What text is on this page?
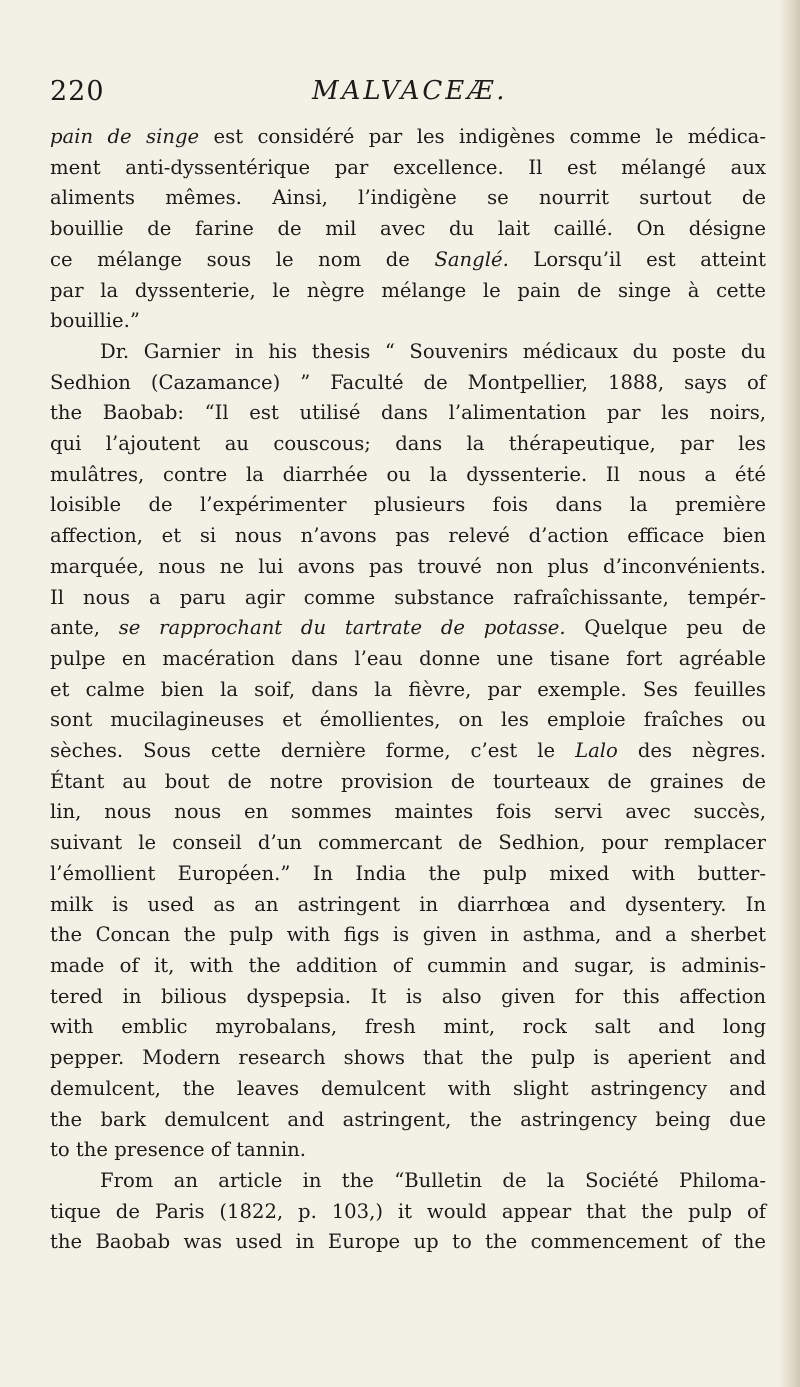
220	MALVACEÆ.
pain de singe est considéré par les indigènes comme le médica-
ment anti-dyssentérique par excellence. Il est mélangé aux
aliments mêmes. Ainsi, l’indigène se nourrit surtout de
bouillie de farine de mil avec du lait caillé. On désigne
ce mélange sous le nom de Sanglé. Lorsqu’il est atteint
par la dyssenterie, le nègre mélange le pain de singe à cette
bouillie.”
Dr. Garnier in his thesis “ Souvenirs médicaux du poste du
Sedhion (Cazamance) ” Faculté de Montpellier, 1888, says of
the Baobab: “Il est utilisé dans l’alimentation par les noirs,
qui l’ajoutent au couscous; dans la thérapeutique, par les
mulâtres, contre la diarrhée ou la dyssenterie. Il nous a été
loisible de l’expérimenter plusieurs fois dans la première
affection, et si nous n’avons pas relevé d’action efficace bien
marquée, nous ne lui avons pas trouvé non plus d’inconvénients.
Il nous a paru agir comme substance rafraîchissante, tempér-
ante, se rapprochant du tartrate de potasse. Quelque peu de
pulpe en macération dans l’eau donne une tisane fort agréable
et calme bien la soif, dans la fièvre, par exemple. Ses feuilles
sont mucilagineuses et émollientes, on les emploie fraîches ou
sèches. Sous cette dernière forme, c’est le Lalo des nègres.
Étant au bout de notre provision de tourteaux de graines de
lin, nous nous en sommes maintes fois servi avec succès,
suivant le conseil d’un commercant de Sedhion, pour remplacer
l’émollient Européen.” In India the pulp mixed with butter-
milk is used as an astringent in diarrhœa and dysentery. In
the Concan the pulp with figs is given in asthma, and a sherbet
made of it, with the addition of cummin and sugar, is adminis-
tered in bilious dyspepsia. It is also given for this affection
with emblic myrobalans, fresh mint, rock salt and long
pepper. Modern research shows that the pulp is aperient and
demulcent, the leaves demulcent with slight astringency and
the bark demulcent and astringent, the astringency being due
to the presence of tannin.
From an article in the “Bulletin de la Société Philoma-
tique de Paris (1822, p. 103,) it would appear that the pulp of
the Baobab was used in Europe up to the commencement of the
